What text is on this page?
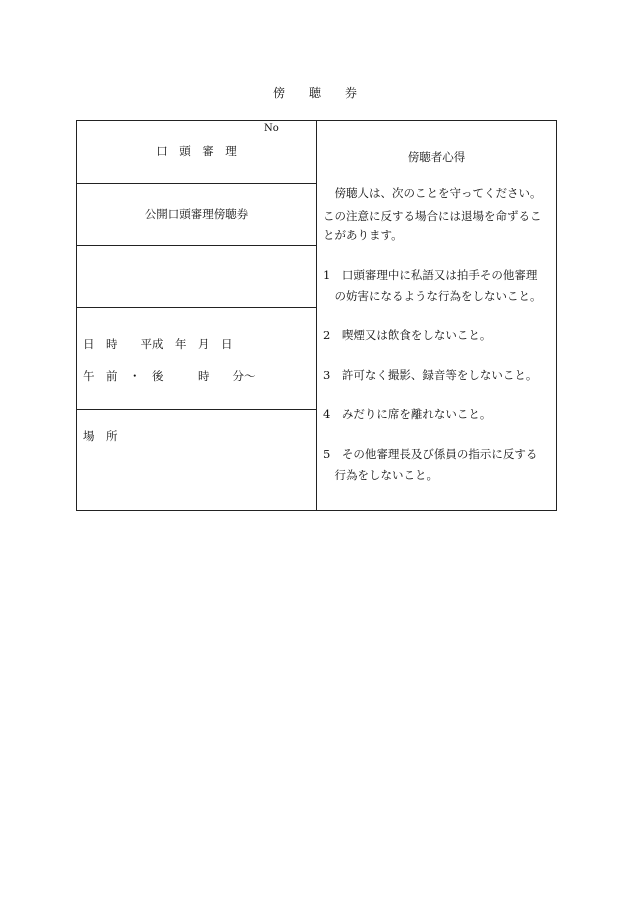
傍　　聴　　券
No
口　頭　審　理
公開口頭審理傍聴券
日　時　　平成　年　月　日
午　前　・　後　　　時　　分～
場　所
傍聴者心得
　傍聴人は、次のことを守ってください。
この注意に反する場合には退場を命ずるこ
とがあります。
1　口頭審理中に私語又は拍手その他審理
　の妨害になるような行為をしないこと。
2　喫煙又は飲食をしないこと。
3　許可なく撮影、録音等をしないこと。
4　みだりに席を離れないこと。
5　その他審理長及び係員の指示に反する
　行為をしないこと。
